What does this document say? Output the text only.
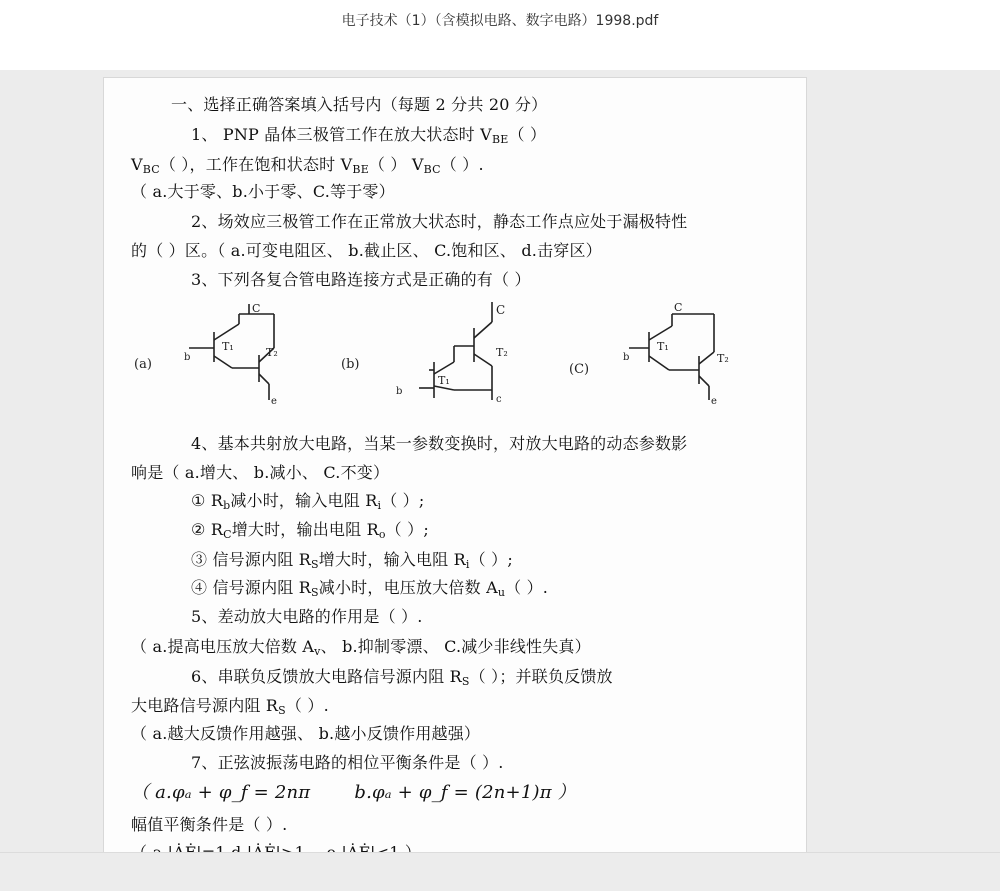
电子技术（1）（含模拟电路、数字电路）1998.pdf
一、选择正确答案填入括号内（每题 2 分共 20 分）
1、 PNP 晶体三极管工作在放大状态时 $V_{BE}$（ ）
$V_{BC}$（ ），工作在饱和状态时 $V_{BE}$（ ） $V_{BC}$（ ）.
（ a.大于零、b.小于零、C.等于零）
2、场效应三极管工作在正常放大状态时，静态工作点应处于漏极特性
的（ ）区。（ a.可变电阻区、 b.截止区、 C.饱和区、 d.击穿区）
3、下列各复合管电路连接方式是正确的有（ ）
(a)	b
C
T₁	T₂
e
(b)
b
C
T₁
T₂
c
(C)
b
C
T₁
T₂
e
4、基本共射放大电路，当某一参数变换时，对放大电路的动态参数影
响是（ a.增大、 b.减小、 C.不变）
① $R_b$减小时，输入电阻 $R_i$（ ）;
② $R_C$增大时，输出电阻 $R_o$（ ）;
③ 信号源内阻 $R_S$增大时，输入电阻 $R_i$（ ）;
④ 信号源内阻 $R_S$减小时，电压放大倍数 $A_u$（ ）.
5、差动放大电路的作用是（ ）.
（ a.提高电压放大倍数 $A_v$、 b.抑制零漂、 C.减少非线性失真）
6、串联负反馈放大电路信号源内阻 $R_S$（ ）；并联负反馈放
大电路信号源内阻 $R_S$（ ）.
（ a.越大反馈作用越强、 b.越小反馈作用越强）
7、正弦波振荡电路的相位平衡条件是（ ）.
（ a.φₐ + φ_f = 2nπ b.φₐ + φ_f = (2n+1)π ）
幅值平衡条件是（ ）.
